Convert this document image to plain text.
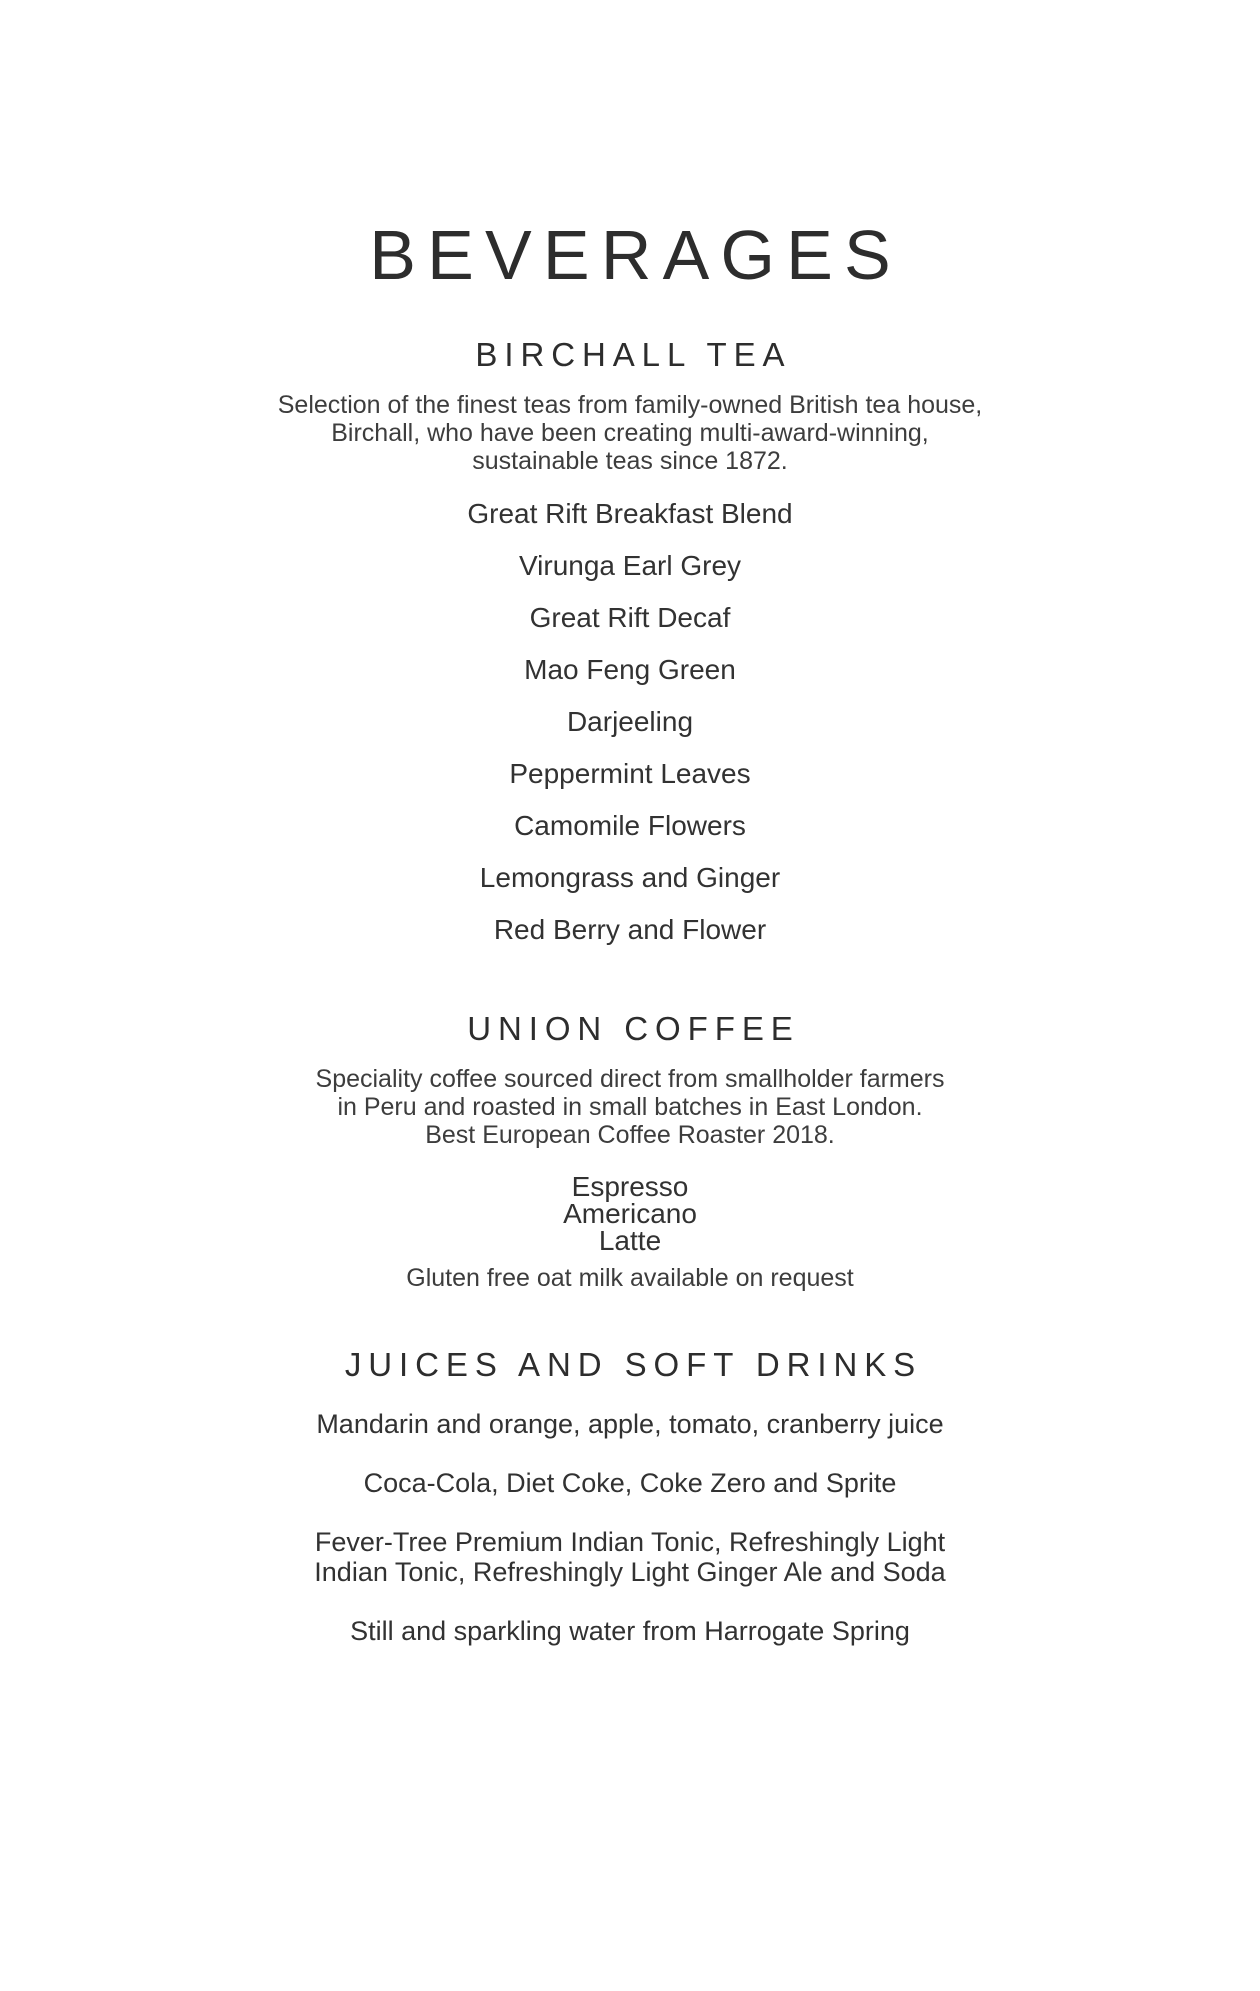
BEVERAGES
BIRCHALL TEA
Selection of the finest teas from family-owned British tea house,
Birchall, who have been creating multi-award-winning,
sustainable teas since 1872.
Great Rift Breakfast Blend
Virunga Earl Grey
Great Rift Decaf
Mao Feng Green
Darjeeling
Peppermint Leaves
Camomile Flowers
Lemongrass and Ginger
Red Berry and Flower
UNION COFFEE
Speciality coffee sourced direct from smallholder farmers
in Peru and roasted in small batches in East London.
Best European Coffee Roaster 2018.
Espresso
Americano
Latte
Gluten free oat milk available on request
JUICES AND SOFT DRINKS
Mandarin and orange, apple, tomato, cranberry juice
Coca-Cola, Diet Coke, Coke Zero and Sprite
Fever-Tree Premium Indian Tonic, Refreshingly Light
Indian Tonic, Refreshingly Light Ginger Ale and Soda
Still and sparkling water from Harrogate Spring
